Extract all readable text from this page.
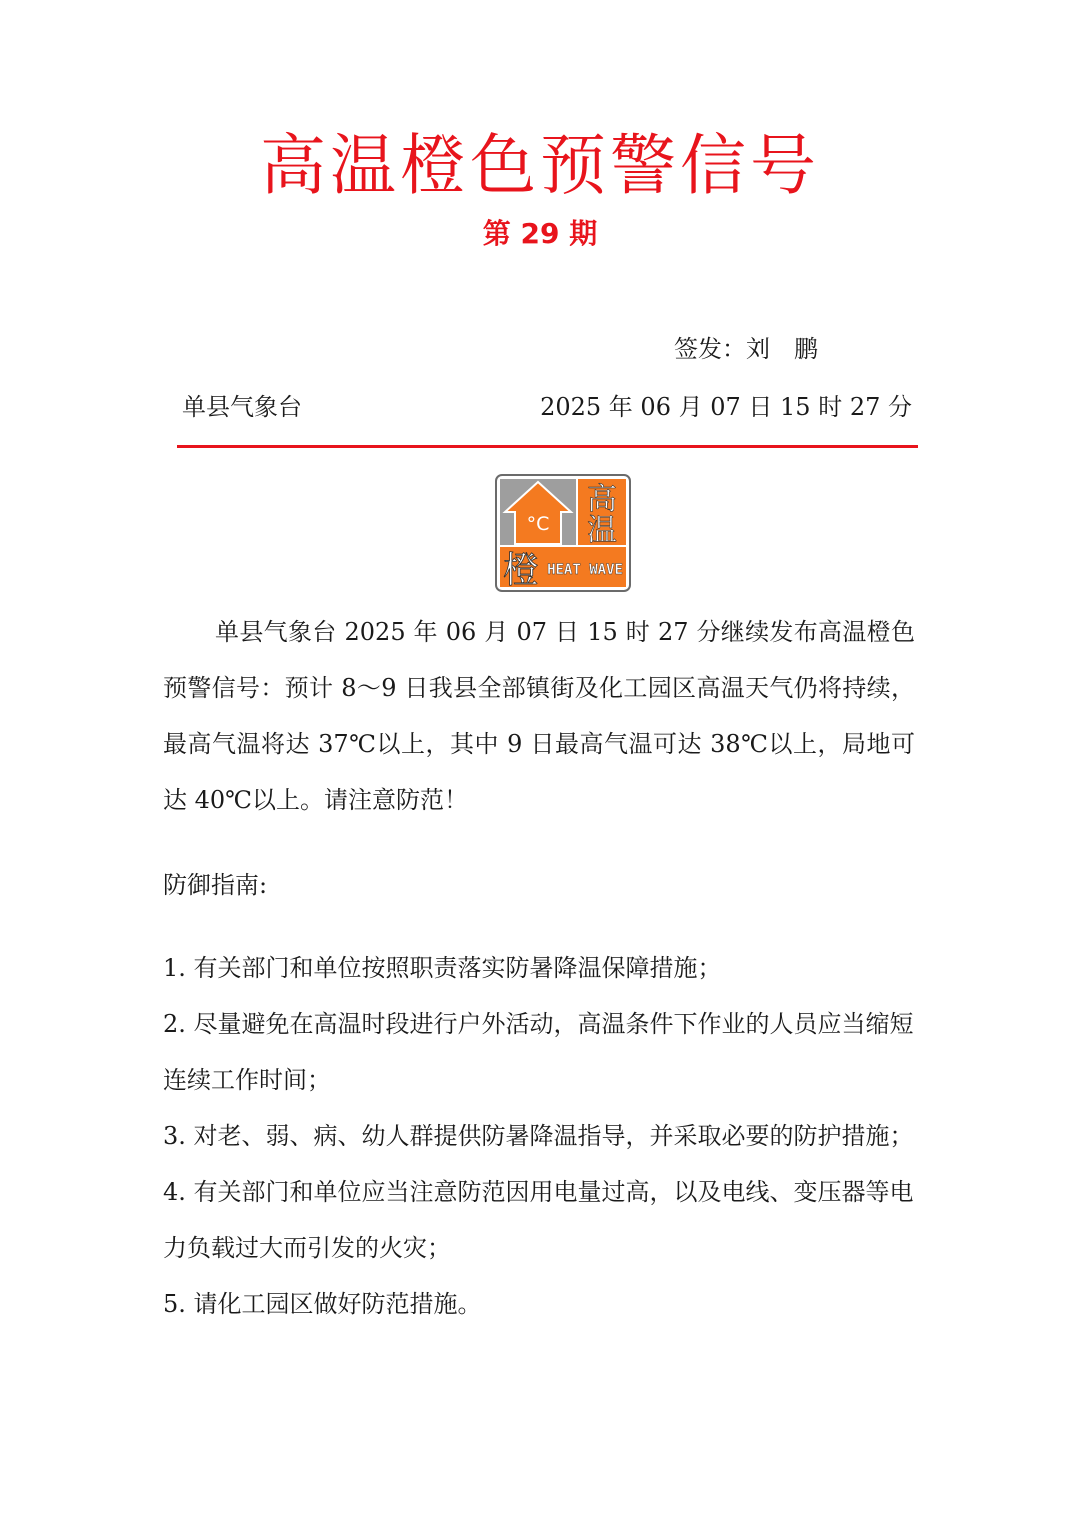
高温橙色预警信号
第 29 期
签发：刘　鹏
单县气象台	2025 年 06 月 07 日 15 时 27 分
°C
高
温
橙 HEAT WAVE
单县气象台 2025 年 06 月 07 日 15 时 27 分继续发布高温橙色预警信号：预计 8～9 日我县全部镇街及化工园区高温天气仍将持续，最高气温将达 37℃以上，其中 9 日最高气温可达 38℃以上，局地可达 40℃以上。请注意防范！
防御指南:
1. 有关部门和单位按照职责落实防暑降温保障措施；
2. 尽量避免在高温时段进行户外活动，高温条件下作业的人员应当缩短连续工作时间；
3. 对老、弱、病、幼人群提供防暑降温指导，并采取必要的防护措施；
4. 有关部门和单位应当注意防范因用电量过高，以及电线、变压器等电力负载过大而引发的火灾；
5. 请化工园区做好防范措施。
